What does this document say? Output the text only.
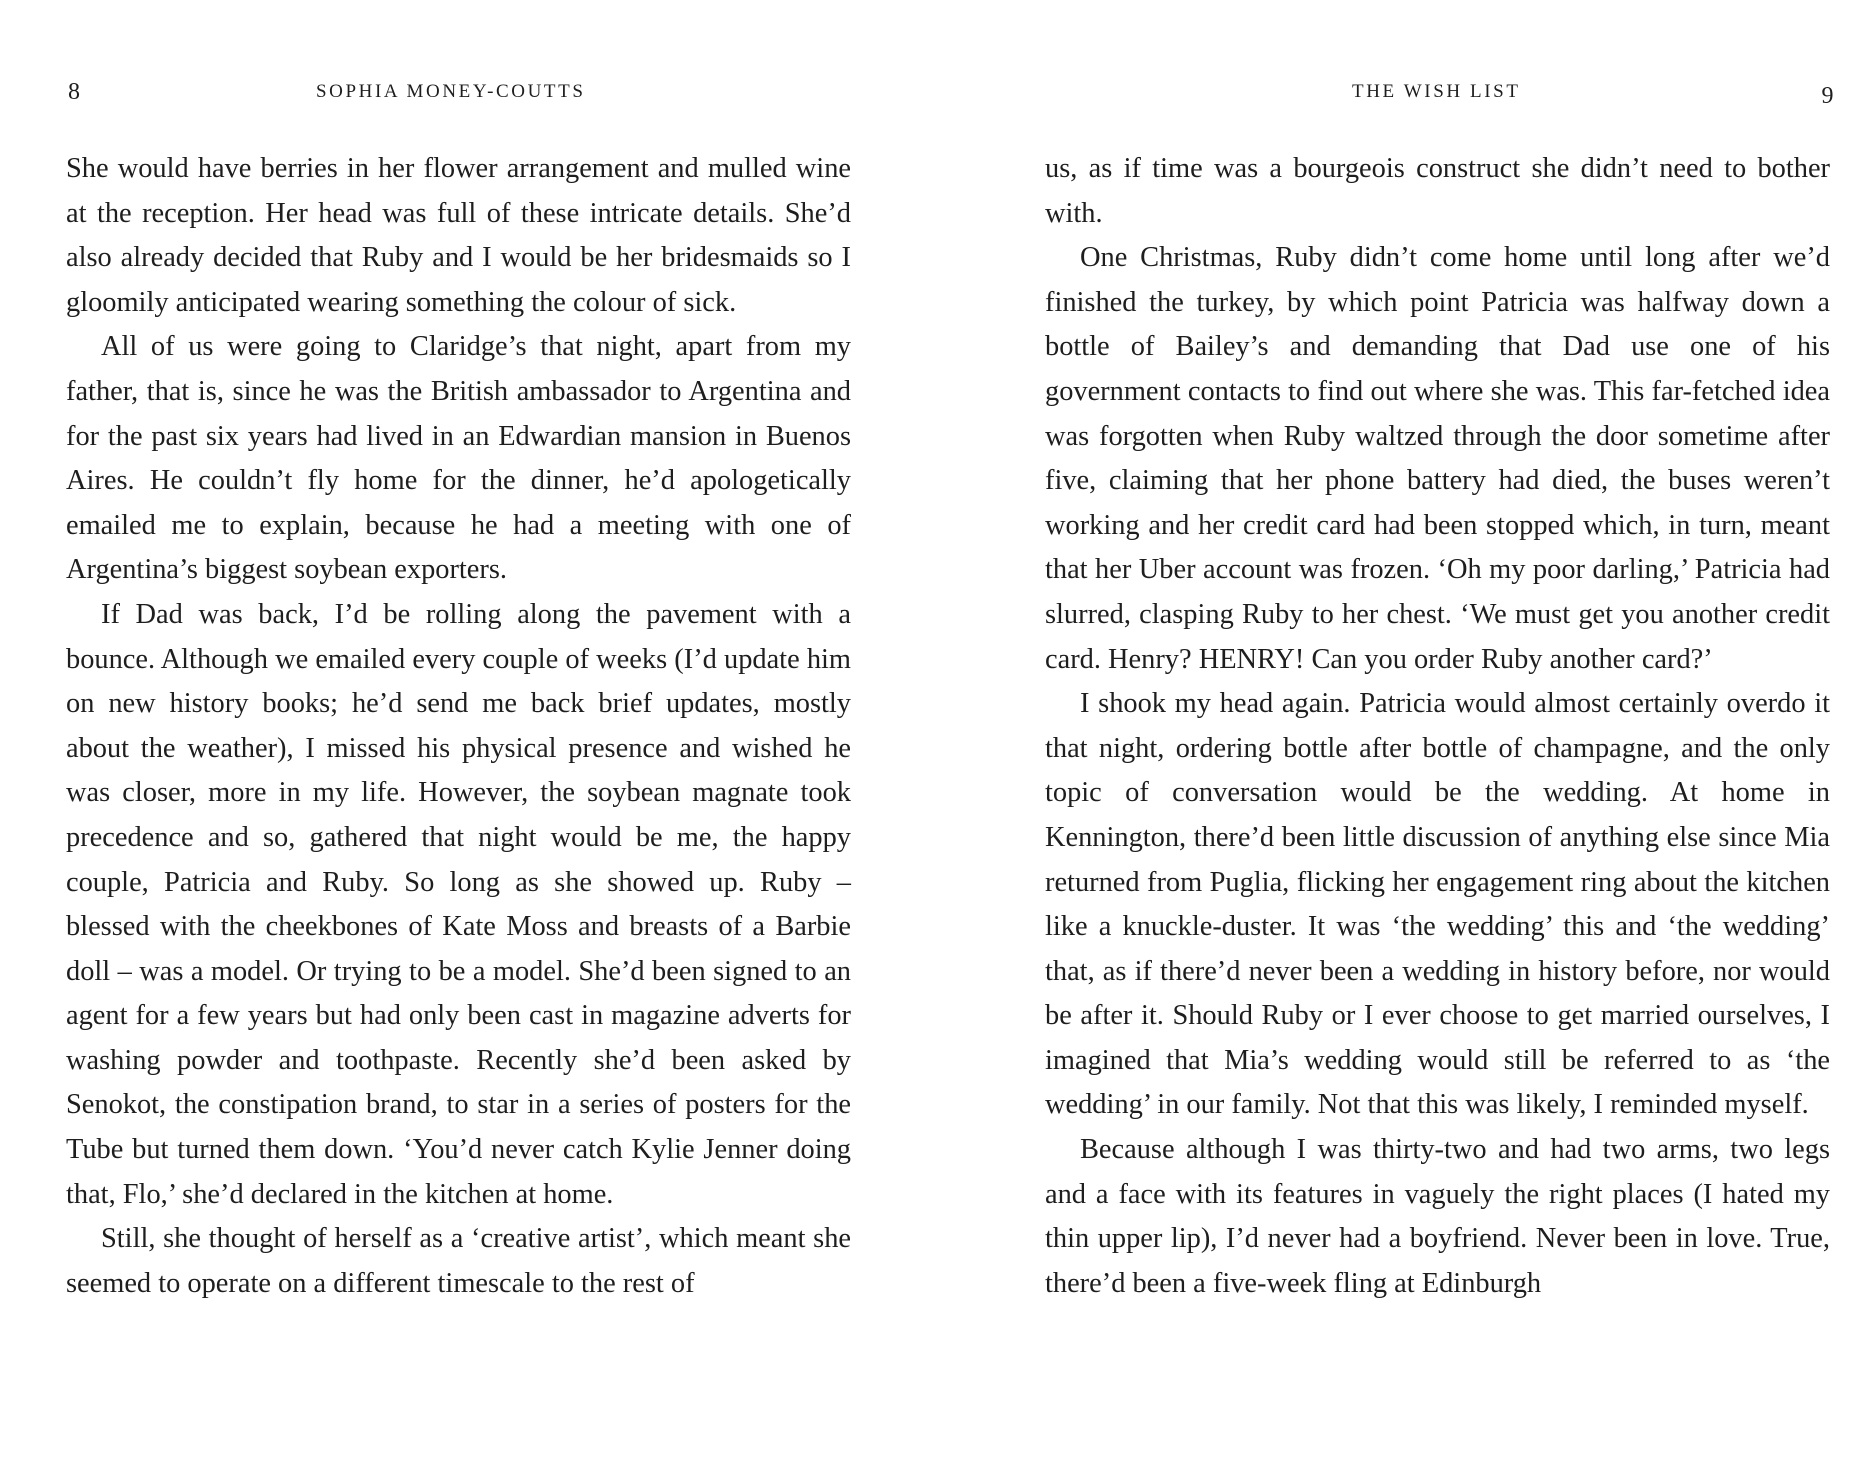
8	SOPHIA MONEY-COUTTS

She would have berries in her flower arrangement and mulled wine at the reception. Her head was full of these intricate details. She’d also already decided that Ruby and I would be her bridesmaids so I gloomily anticipated wearing something the colour of sick.

All of us were going to Claridge’s that night, apart from my father, that is, since he was the British ambassador to Argentina and for the past six years had lived in an Edwardian mansion in Buenos Aires. He couldn’t fly home for the dinner, he’d apologetically emailed me to explain, because he had a meeting with one of Argentina’s biggest soybean exporters.

If Dad was back, I’d be rolling along the pavement with a bounce. Although we emailed every couple of weeks (I’d update him on new history books; he’d send me back brief updates, mostly about the weather), I missed his physical presence and wished he was closer, more in my life. However, the soybean magnate took precedence and so, gathered that night would be me, the happy couple, Patricia and Ruby. So long as she showed up. Ruby – blessed with the cheekbones of Kate Moss and breasts of a Barbie doll – was a model. Or trying to be a model. She’d been signed to an agent for a few years but had only been cast in magazine adverts for washing powder and toothpaste. Recently she’d been asked by Senokot, the constipation brand, to star in a series of posters for the Tube but turned them down. ‘You’d never catch Kylie Jenner doing that, Flo,’ she’d declared in the kitchen at home.

Still, she thought of herself as a ‘creative artist’, which meant she seemed to operate on a different timescale to the rest of

THE WISH LIST	9

us, as if time was a bourgeois construct she didn’t need to bother with.

One Christmas, Ruby didn’t come home until long after we’d finished the turkey, by which point Patricia was halfway down a bottle of Bailey’s and demanding that Dad use one of his government contacts to find out where she was. This far-fetched idea was forgotten when Ruby waltzed through the door sometime after five, claiming that her phone battery had died, the buses weren’t working and her credit card had been stopped which, in turn, meant that her Uber account was frozen. ‘Oh my poor darling,’ Patricia had slurred, clasping Ruby to her chest. ‘We must get you another credit card. Henry? HENRY! Can you order Ruby another card?’

I shook my head again. Patricia would almost certainly overdo it that night, ordering bottle after bottle of champagne, and the only topic of conversation would be the wedding. At home in Kennington, there’d been little discussion of anything else since Mia returned from Puglia, flicking her engagement ring about the kitchen like a knuckle-duster. It was ‘the wedding’ this and ‘the wedding’ that, as if there’d never been a wedding in history before, nor would be after it. Should Ruby or I ever choose to get married ourselves, I imagined that Mia’s wedding would still be referred to as ‘the wedding’ in our family. Not that this was likely, I reminded myself.

Because although I was thirty-two and had two arms, two legs and a face with its features in vaguely the right places (I hated my thin upper lip), I’d never had a boyfriend. Never been in love. True, there’d been a five-week fling at Edinburgh
